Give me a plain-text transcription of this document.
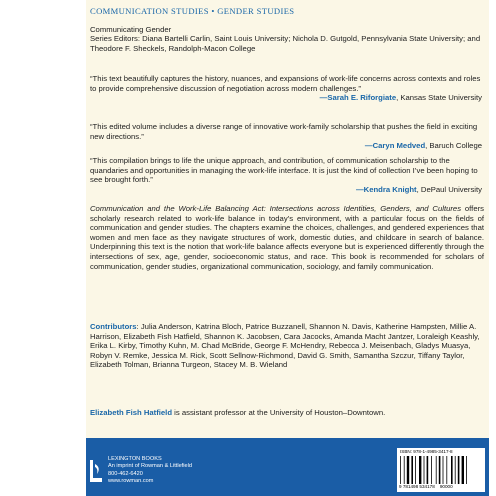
COMMUNICATION STUDIES • GENDER STUDIES
Communicating Gender
Series Editors: Diana Bartelli Carlin, Saint Louis University; Nichola D. Gutgold, Pennsylvania State University; and Theodore F. Sheckels, Randolph-Macon College
“This text beautifully captures the history, nuances, and expansions of work-life concerns across contexts and roles to provide comprehensive discussion of negotiation across modern challenges.”
—Sarah E. Riforgiate, Kansas State University
“This edited volume includes a diverse range of innovative work-family scholarship that pushes the field in exciting new directions.”
—Caryn Medved, Baruch College
“This compilation brings to life the unique approach, and contribution, of communication scholarship to the quandaries and opportunities in managing the work-life interface. It is just the kind of collection I’ve been hoping to see brought forth.”
—Kendra Knight, DePaul University
Communication and the Work-Life Balancing Act: Intersections across Identities, Genders, and Cultures offers scholarly research related to work-life balance in today’s environment, with a particular focus on the fields of communication and gender studies. The chapters examine the choices, challenges, and gendered experiences that women and men face as they navigate structures of work, domestic duties, and childcare in search of balance. Underpinning this text is the notion that work-life balance affects everyone but is experienced differently through the intersections of sex, age, gender, socioeconomic status, and race. This book is recommended for scholars of communication, gender studies, organizational communication, sociology, and family communication.
Contributors: Julia Anderson, Katrina Bloch, Patrice Buzzanell, Shannon N. Davis, Katherine Hampsten, Millie A. Harrison, Elizabeth Fish Hatfield, Shannon K. Jacobsen, Cara Jacocks, Amanda Macht Jantzer, Loraleigh Keashly, Erika L. Kirby, Timothy Kuhn, M. Chad McBride, George F. McHendry, Rebecca J. Meisenbach, Gladys Muasya, Robyn V. Remke, Jessica M. Rick, Scott Sellnow-Richmond, David G. Smith, Samantha Szczur, Tiffany Taylor, Elizabeth Tolman, Brianna Turgeon, Stacey M. B. Wieland
Elizabeth Fish Hatfield is assistant professor at the University of Houston–Downtown.
LEXINGTON BOOKS
An imprint of Rowman & Littlefield
800-462-6420
www.rowman.com
ISBN: 978-1-4985-3417-8
9 781498 534178 90000
